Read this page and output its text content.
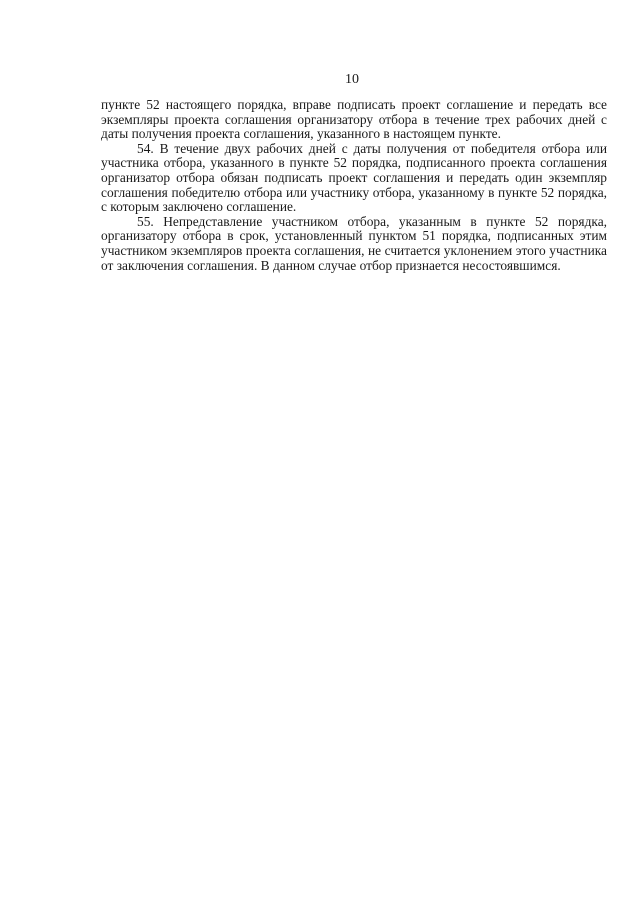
10

пункте 52 настоящего порядка, вправе подписать проект соглашение и передать все экземпляры проекта соглашения организатору отбора в течение трех рабочих дней с даты получения проекта соглашения, указанного в настоящем пункте.

54. В течение двух рабочих дней с даты получения от победителя отбора или участника отбора, указанного в пункте 52 порядка, подписанного проекта соглашения организатор отбора обязан подписать проект соглашения и передать один экземпляр соглашения победителю отбора или участнику отбора, указанному в пункте 52 порядка, с которым заключено соглашение.

55. Непредставление участником отбора, указанным в пункте 52 порядка, организатору отбора в срок, установленный пунктом 51 порядка, подписанных этим участником экземпляров проекта соглашения, не считается уклонением этого участника от заключения соглашения. В данном случае отбор признается несостоявшимся.
